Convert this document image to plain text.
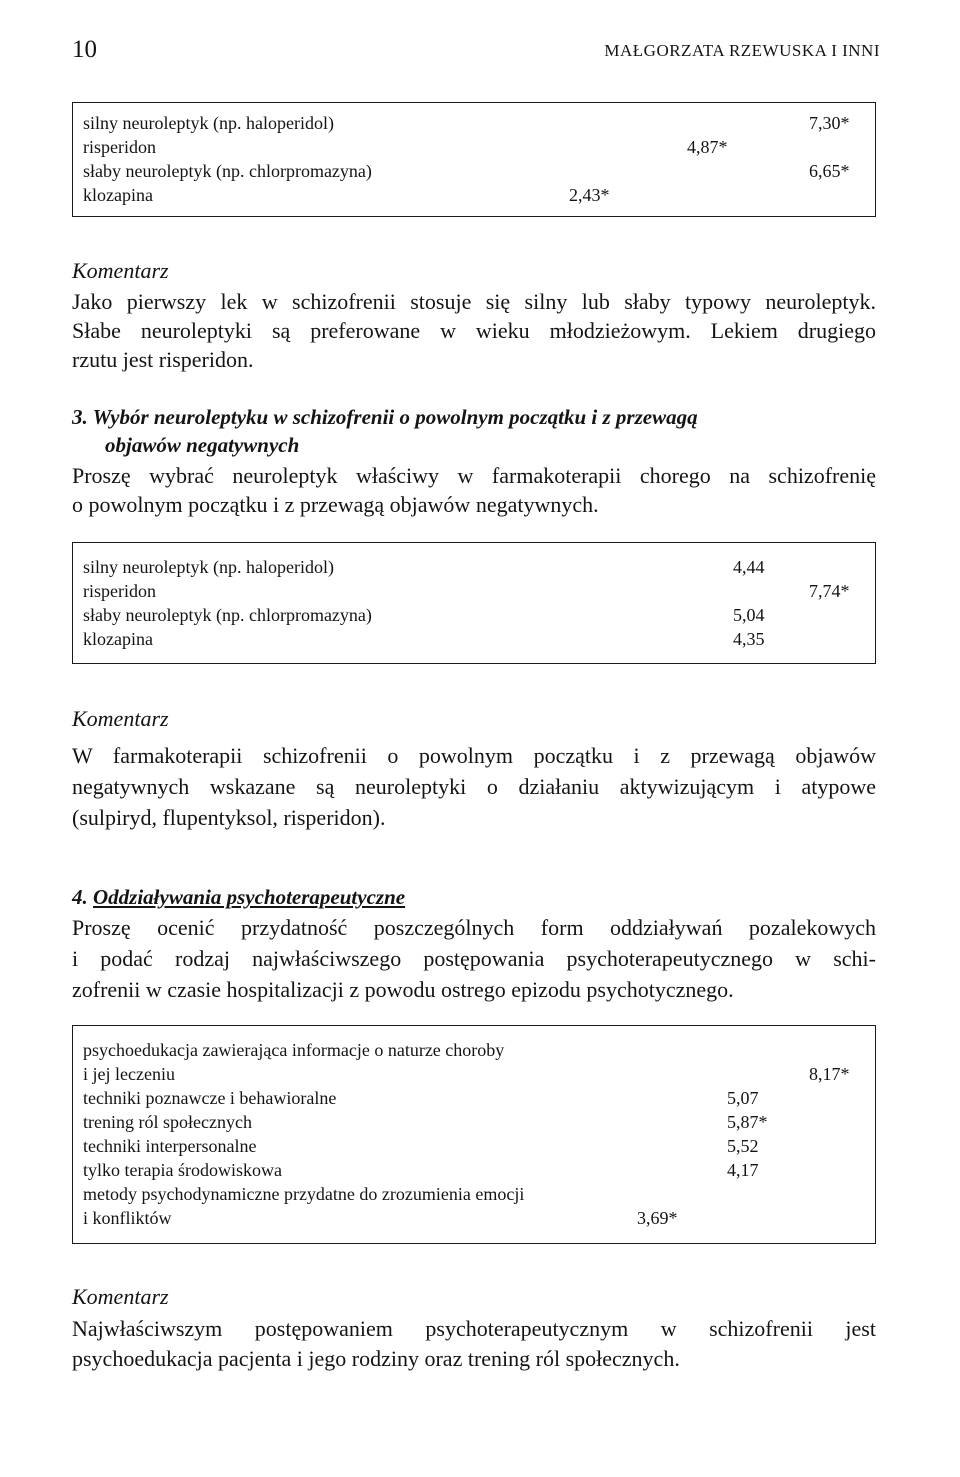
10	MAŁGORZATA RZEWUSKA I INNI
silny neuroleptyk (np. haloperidol)	7,30*
risperidon	4,87*
słaby neuroleptyk (np. chlorpromazyna)	6,65*
klozapina	2,43*
Komentarz
Jako pierwszy lek w schizofrenii stosuje się silny lub słaby typowy neuroleptyk.
Słabe neuroleptyki są preferowane w wieku młodzieżowym. Lekiem drugiego
rzutu jest risperidon.
3. Wybór neuroleptyku w schizofrenii o powolnym początku i z przewagą
objawów negatywnych
Proszę wybrać neuroleptyk właściwy w farmakoterapii chorego na schizofrenię
o powolnym początku i z przewagą objawów negatywnych.
silny neuroleptyk (np. haloperidol)	4,44
risperidon	7,74*
słaby neuroleptyk (np. chlorpromazyna)	5,04
klozapina	4,35
Komentarz
W farmakoterapii schizofrenii o powolnym początku i z przewagą objawów
negatywnych wskazane są neuroleptyki o działaniu aktywizującym i atypowe
(sulpiryd, flupentyksol, risperidon).
4. Oddziaływania psychoterapeutyczne
Proszę ocenić przydatność poszczególnych form oddziaływań pozalekowych
i podać rodzaj najwłaściwszego postępowania psychoterapeutycznego w schi-
zofrenii w czasie hospitalizacji z powodu ostrego epizodu psychotycznego.
psychoedukacja zawierająca informacje o naturze choroby
i jej leczeniu	8,17*
techniki poznawcze i behawioralne	5,07
trening ról społecznych	5,87*
techniki interpersonalne	5,52
tylko terapia środowiskowa	4,17
metody psychodynamiczne przydatne do zrozumienia emocji
i konfliktów	3,69*
Komentarz
Najwłaściwszym postępowaniem psychoterapeutycznym w schizofrenii jest
psychoedukacja pacjenta i jego rodziny oraz trening ról społecznych.
